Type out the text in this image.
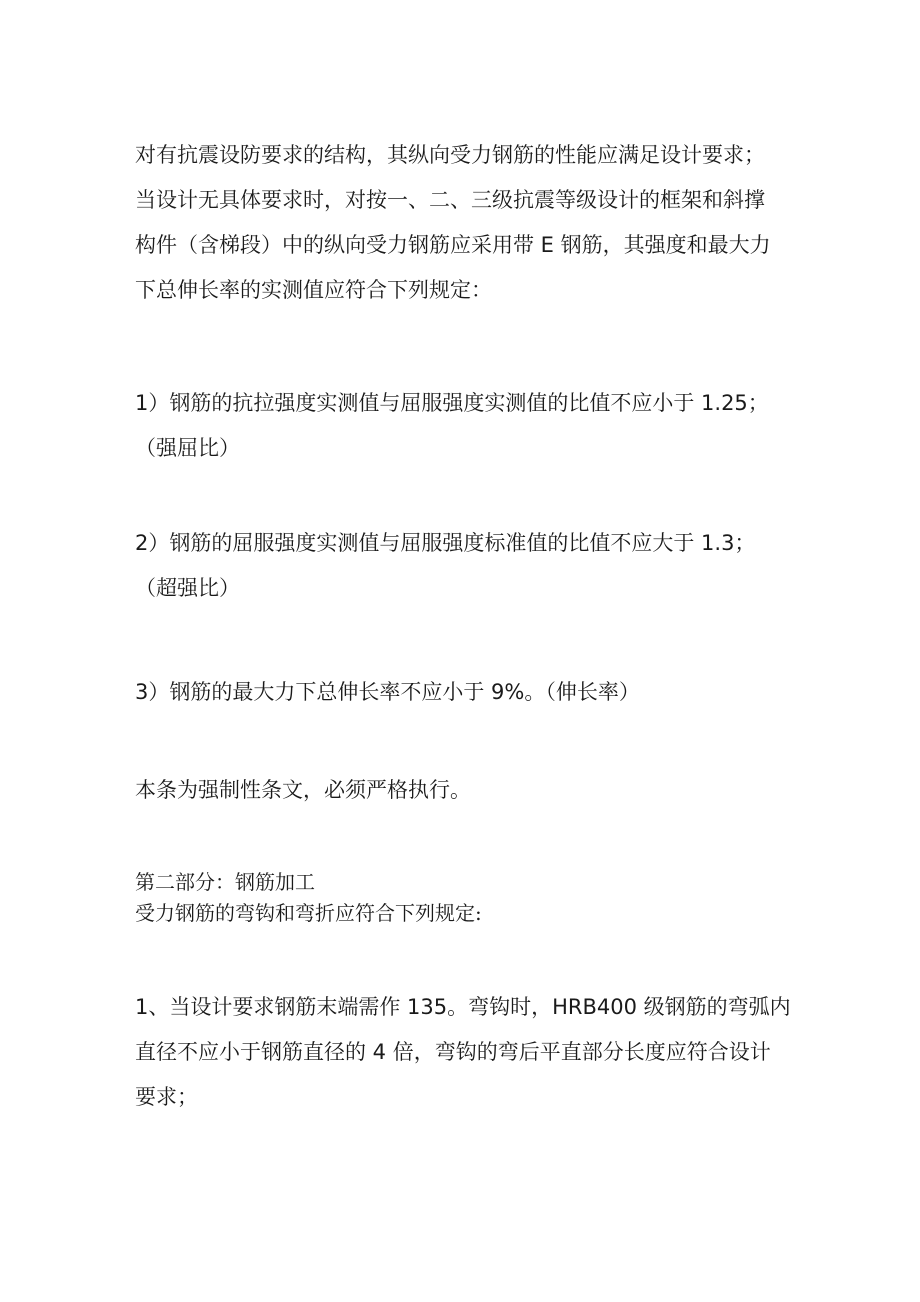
对有抗震设防要求的结构，其纵向受力钢筋的性能应满足设计要求；
当设计无具体要求时，对按一、二、三级抗震等级设计的框架和斜撑
构件（含梯段）中的纵向受力钢筋应采用带 E 钢筋，其强度和最大力
下总伸长率的实测值应符合下列规定：

1）钢筋的抗拉强度实测值与屈服强度实测值的比值不应小于 1.25；
（强屈比）

2）钢筋的屈服强度实测值与屈服强度标准值的比值不应大于 1.3；
（超强比）

3）钢筋的最大力下总伸长率不应小于 9%。（伸长率）

本条为强制性条文，必须严格执行。

第二部分：钢筋加工

受力钢筋的弯钩和弯折应符合下列规定:

1、当设计要求钢筋末端需作 135。弯钩时，HRB400 级钢筋的弯弧内
直径不应小于钢筋直径的 4 倍，弯钩的弯后平直部分长度应符合设计
要求；
